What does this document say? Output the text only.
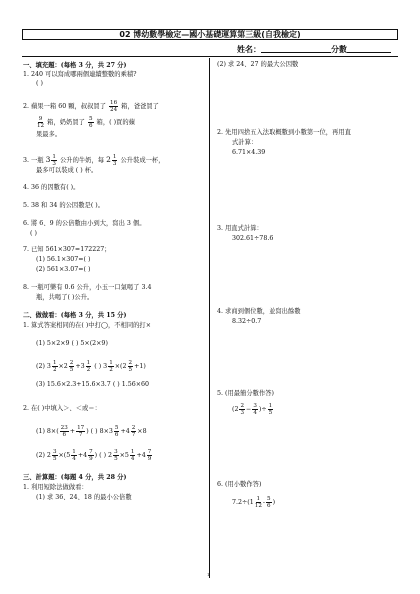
02 博幼數學檢定—國小基礎運算第三級(自我檢定)
姓名：	分數
一、填充題：(每格 3 分，共 27 分)
1. 240 可以寫成哪兩個連續整數的乘積?
( )
2. 蘋果一箱 60 顆，叔叔買了 $\frac{16}{24}$ 箱，爸爸買了
$\frac{9}{12}$ 箱，奶奶買了 $\frac{5}{6}$ 箱，( )買的蘋
果最多。
3. 一瓶 $3 \frac{1}{3}$ 公升的牛奶，每 $2 \frac{1}{3}$ 公升裝成一杯，
最多可以裝成 ( ) 杯。
4. 36 的因數有( )。
5. 38 和 34 的公因數是( )。
6. 將 6、9 的公倍數由小到大，寫出 3 個。
( )
7. 已知 561×307=172227；
(1) 56.1×307=( )
(2) 561×3.07=( )
8. 一瓶可樂有 0.6 公升，小玉一口氣喝了 3.4
瓶，共喝了( )公升。
二、做做看：(每格 3 分，共 15 分)
1. 算式答案相同的在( )中打◯，不相同的打×
(1) 5×2×9 ( ) 5×(2×9)
(2) $3 \frac{1}{2} \times 2 \frac{2}{5} +3 \frac{1}{2}$ ( ) $3 \frac{1}{2} \times(2 \frac{2}{5} +1)$
(3) 15.6×2.3+15.6×3.7 ( ) 1.56×60
2. 在( )中填入＞、＜或＝：
(1) $8\times( \frac{23}{6} + \frac{17}{7}$ ) ( ) $8\times 3 \frac{5}{6} +4 \frac{2}{7} \times 8$
(2) $2 \frac{3}{5} \times(5 \frac{1}{4} +4 \frac{7}{9}$ ) ( ) $2 \frac{3}{5} \times 5 \frac{1}{4} +4 \frac{7}{9}$
三、計算題：(每題 4 分，共 28 分)
1. 利用短除法做做看：
(1) 求 36、24、18 的最小公倍數
(2) 求 24、27 的最大公因數
2. 先用四捨五入法取概數到小數第一位，再用直
式計算：
6.71×4.39
3. 用直式計算：
302.61÷78.6
4. 求商到個位數，並寫出餘數
8.32÷0.7
5. (用最簡分數作答)
($2 \frac{2}{3} - \frac{3}{4}$ )÷ $\frac{1}{5}$
6. (用小數作答)
$7.2\div(1 \frac{1}{12} - \frac{5}{6}$ )
1
